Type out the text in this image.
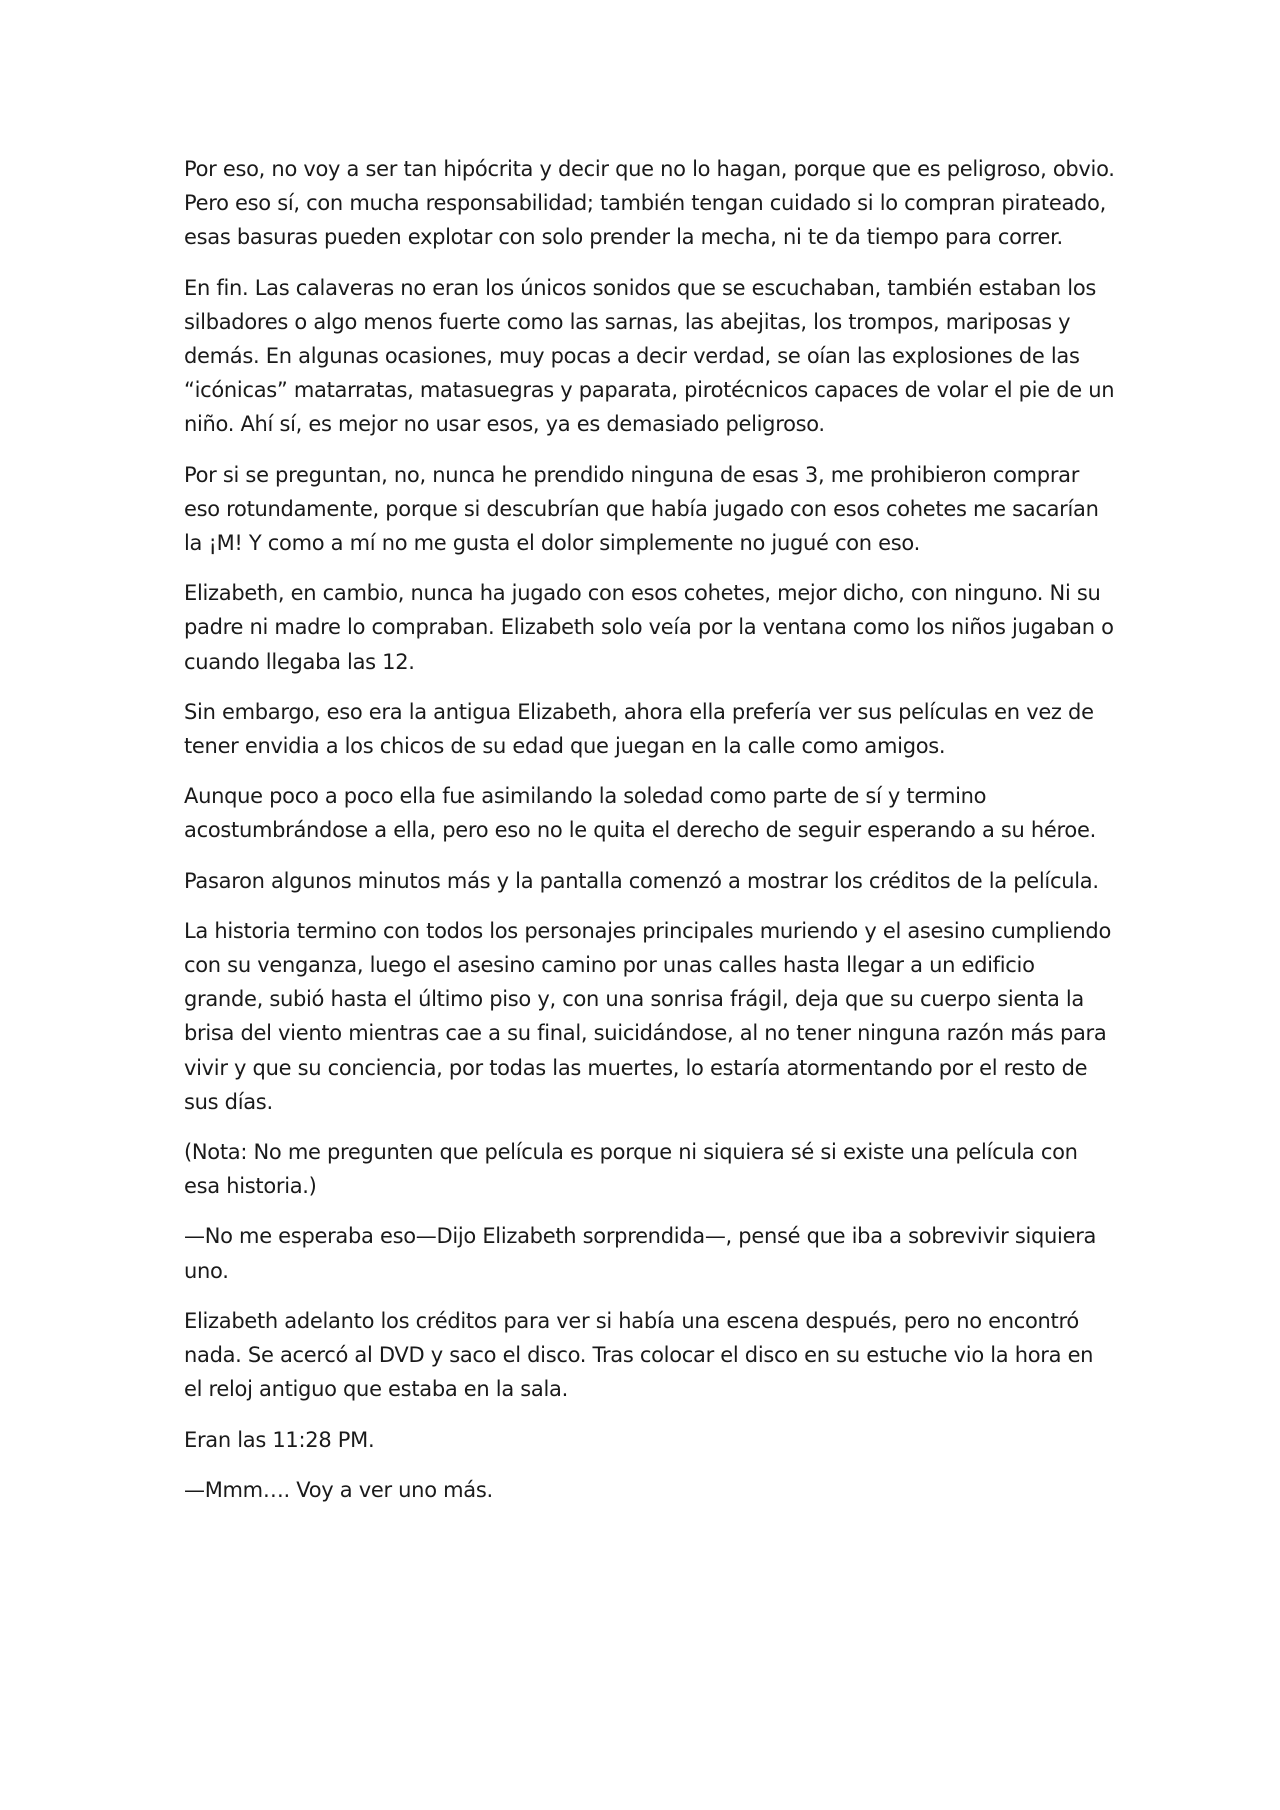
Por eso, no voy a ser tan hipócrita y decir que no lo hagan, porque que es peligroso, obvio. Pero eso sí, con mucha responsabilidad; también tengan cuidado si lo compran pirateado, esas basuras pueden explotar con solo prender la mecha, ni te da tiempo para correr.

En fin. Las calaveras no eran los únicos sonidos que se escuchaban, también estaban los silbadores o algo menos fuerte como las sarnas, las abejitas, los trompos, mariposas y demás. En algunas ocasiones, muy pocas a decir verdad, se oían las explosiones de las “icónicas” matarratas, matasuegras y paparata, pirotécnicos capaces de volar el pie de un niño. Ahí sí, es mejor no usar esos, ya es demasiado peligroso.

Por si se preguntan, no, nunca he prendido ninguna de esas 3, me prohibieron comprar eso rotundamente, porque si descubrían que había jugado con esos cohetes me sacarían la ¡M! Y como a mí no me gusta el dolor simplemente no jugué con eso.

Elizabeth, en cambio, nunca ha jugado con esos cohetes, mejor dicho, con ninguno. Ni su padre ni madre lo compraban. Elizabeth solo veía por la ventana como los niños jugaban o cuando llegaba las 12.

Sin embargo, eso era la antigua Elizabeth, ahora ella prefería ver sus películas en vez de tener envidia a los chicos de su edad que juegan en la calle como amigos.

Aunque poco a poco ella fue asimilando la soledad como parte de sí y termino acostumbrándose a ella, pero eso no le quita el derecho de seguir esperando a su héroe.

Pasaron algunos minutos más y la pantalla comenzó a mostrar los créditos de la película.

La historia termino con todos los personajes principales muriendo y el asesino cumpliendo con su venganza, luego el asesino camino por unas calles hasta llegar a un edificio grande, subió hasta el último piso y, con una sonrisa frágil, deja que su cuerpo sienta la brisa del viento mientras cae a su final, suicidándose, al no tener ninguna razón más para vivir y que su conciencia, por todas las muertes, lo estaría atormentando por el resto de sus días.

(Nota: No me pregunten que película es porque ni siquiera sé si existe una película con esa historia.)

—No me esperaba eso—Dijo Elizabeth sorprendida—, pensé que iba a sobrevivir siquiera uno.

Elizabeth adelanto los créditos para ver si había una escena después, pero no encontró nada. Se acercó al DVD y saco el disco. Tras colocar el disco en su estuche vio la hora en el reloj antiguo que estaba en la sala.

Eran las 11:28 PM.

—Mmm…. Voy a ver uno más.
